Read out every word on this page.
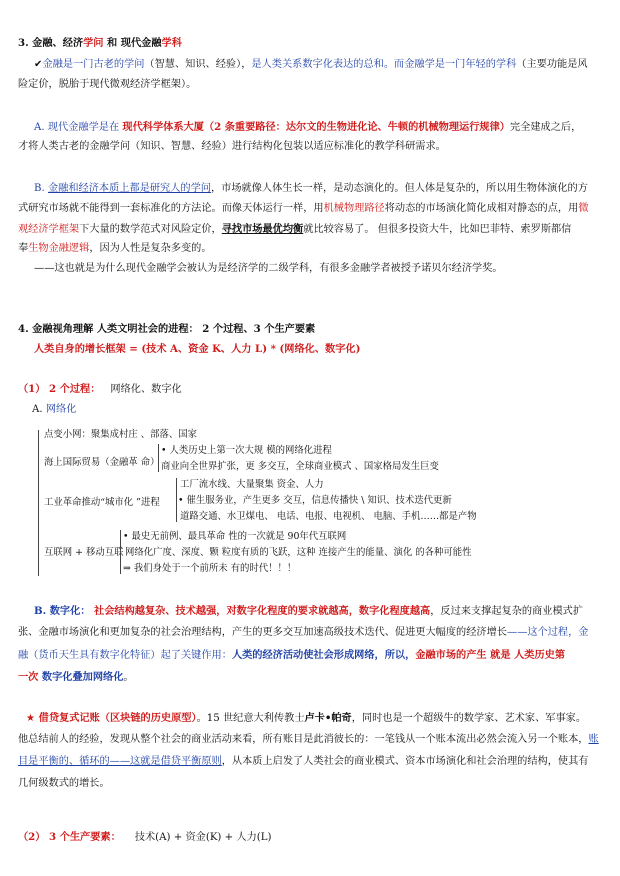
3. 金融、经济学问 和 现代金融学科
✔金融是一门古老的学问（智慧、知识、经验），是人类关系数字化表达的总和。而金融学是一门年轻的学科（主要功能是风
险定价，脱胎于现代微观经济学框架）。
A. 现代金融学是在 现代科学体系大厦（2 条重要路径：达尔文的生物进化论、牛顿的机械物理运行规律）完全建成之后，
才将人类古老的金融学问（知识、智慧、经验）进行结构化包装以适应标准化的教学科研需求。
B. 金融和经济本质上都是研究人的学问，市场就像人体生长一样，是动态演化的。但人体是复杂的，所以用生物体演化的方
式研究市场就不能得到一套标准化的方法论。而像天体运行一样，用机械物理路径将动态的市场演化简化成相对静态的点，用微
观经济学框架下大量的数学范式对风险定价，寻找市场最优均衡就比较容易了。 但很多投资大牛，比如巴菲特、索罗斯都信
奉生物金融逻辑，因为人性是复杂多变的。
——这也就是为什么现代金融学会被认为是经济学的二级学科，有很多金融学者被授予诺贝尔经济学奖。
4. 金融视角理解 人类文明社会的进程： 2 个过程、3 个生产要素
人类自身的增长框架 = (技术 A、资金 K、人力 L) * (网络化、数字化)
（1） 2 个过程： 网络化、数字化
A. 网络化
点变小网：聚集成村庄 、部落、国家
海上国际贸易（金融革 命）
• 人类历史上第一次大规 模的网络化进程
商业向全世界扩张，更 多交互，全球商业模式 、国家格局发生巨变
工业革命推动“城市化 ”进程
工厂流水线、大量聚集 资金、人力
• 催生服务业，产生更多 交互，信息传播快 \ 知识、技术迭代更新
道路交通、水卫煤电、 电话、电报、电视机、 电脑、手机……都是产物
互联网 + 移动互联
• 最史无前例、最具革命 性的一次就是 90年代互联网
网络化广度、深度、颗 粒度有质的飞跃，这种 连接产生的能量、演化 的各种可能性
⇒ 我们身处于一个前所未 有的时代！！！
B. 数字化： 社会结构越复杂、技术越强，对数字化程度的要求就越高，数字化程度越高，反过来支撑起复杂的商业模式扩
张、金融市场演化和更加复杂的社会治理结构，产生的更多交互加速高级技术迭代、促进更大幅度的经济增长——这个过程，金
融（货币天生具有数字化特征）起了关键作用：人类的经济活动使社会形成网络，所以，金融市场的产生 就是 人类历史第
一次 数字化叠加网络化。
★ 借贷复式记账（区块链的历史原型）。15 世纪意大利传教士卢卡•帕奇，同时也是一个超级牛的数学家、艺术家、军事家。
他总结前人的经验，发现从整个社会的商业活动来看，所有账目是此消彼长的：一笔钱从一个账本流出必然会流入另一个账本，账
目是平衡的、循环的——这就是借贷平衡原则，从本质上启发了人类社会的商业模式、资本市场演化和社会治理的结构，使其有
几何级数式的增长。
（2） 3 个生产要素： 技术(A) + 资金(K) + 人力(L)
